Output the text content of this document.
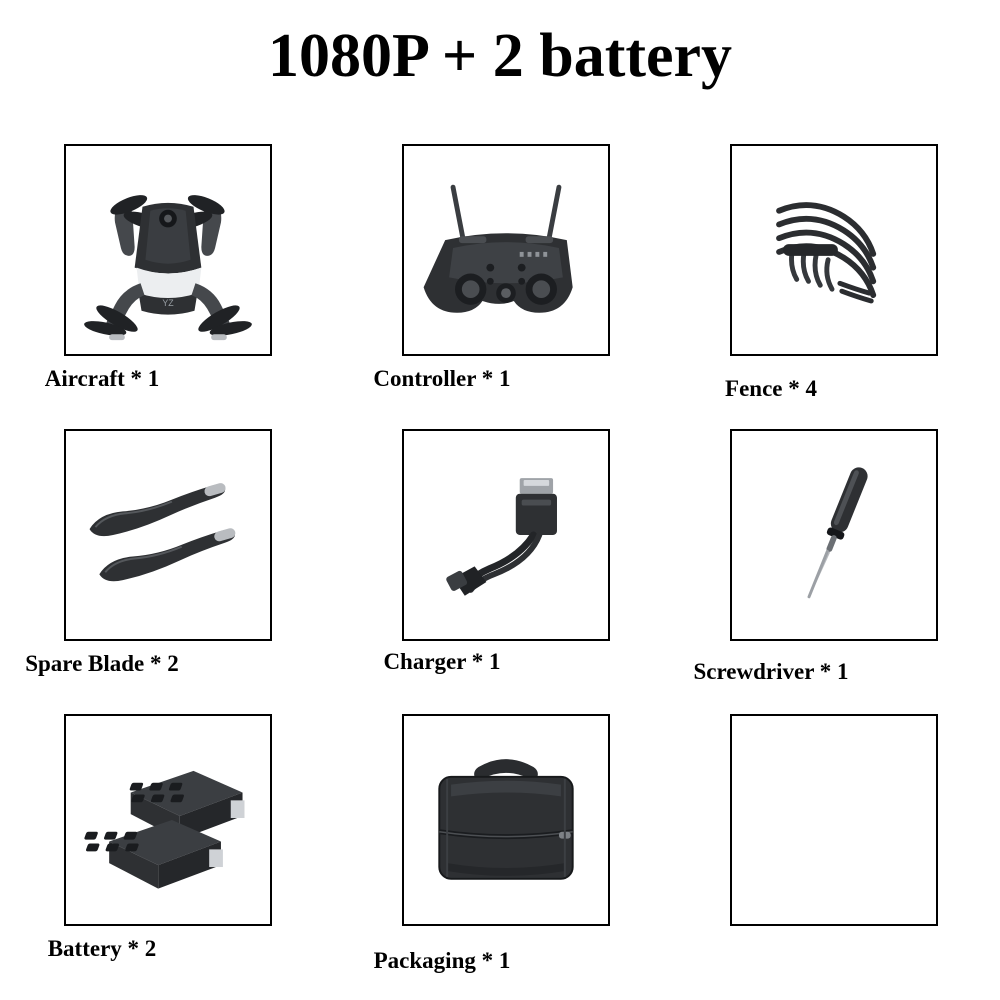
1080P + 2 battery
YZ
Aircraft * 1	Controller * 1	Fence * 4
Spare Blade * 2	Charger * 1	Screwdriver * 1
Battery * 2	Packaging * 1
